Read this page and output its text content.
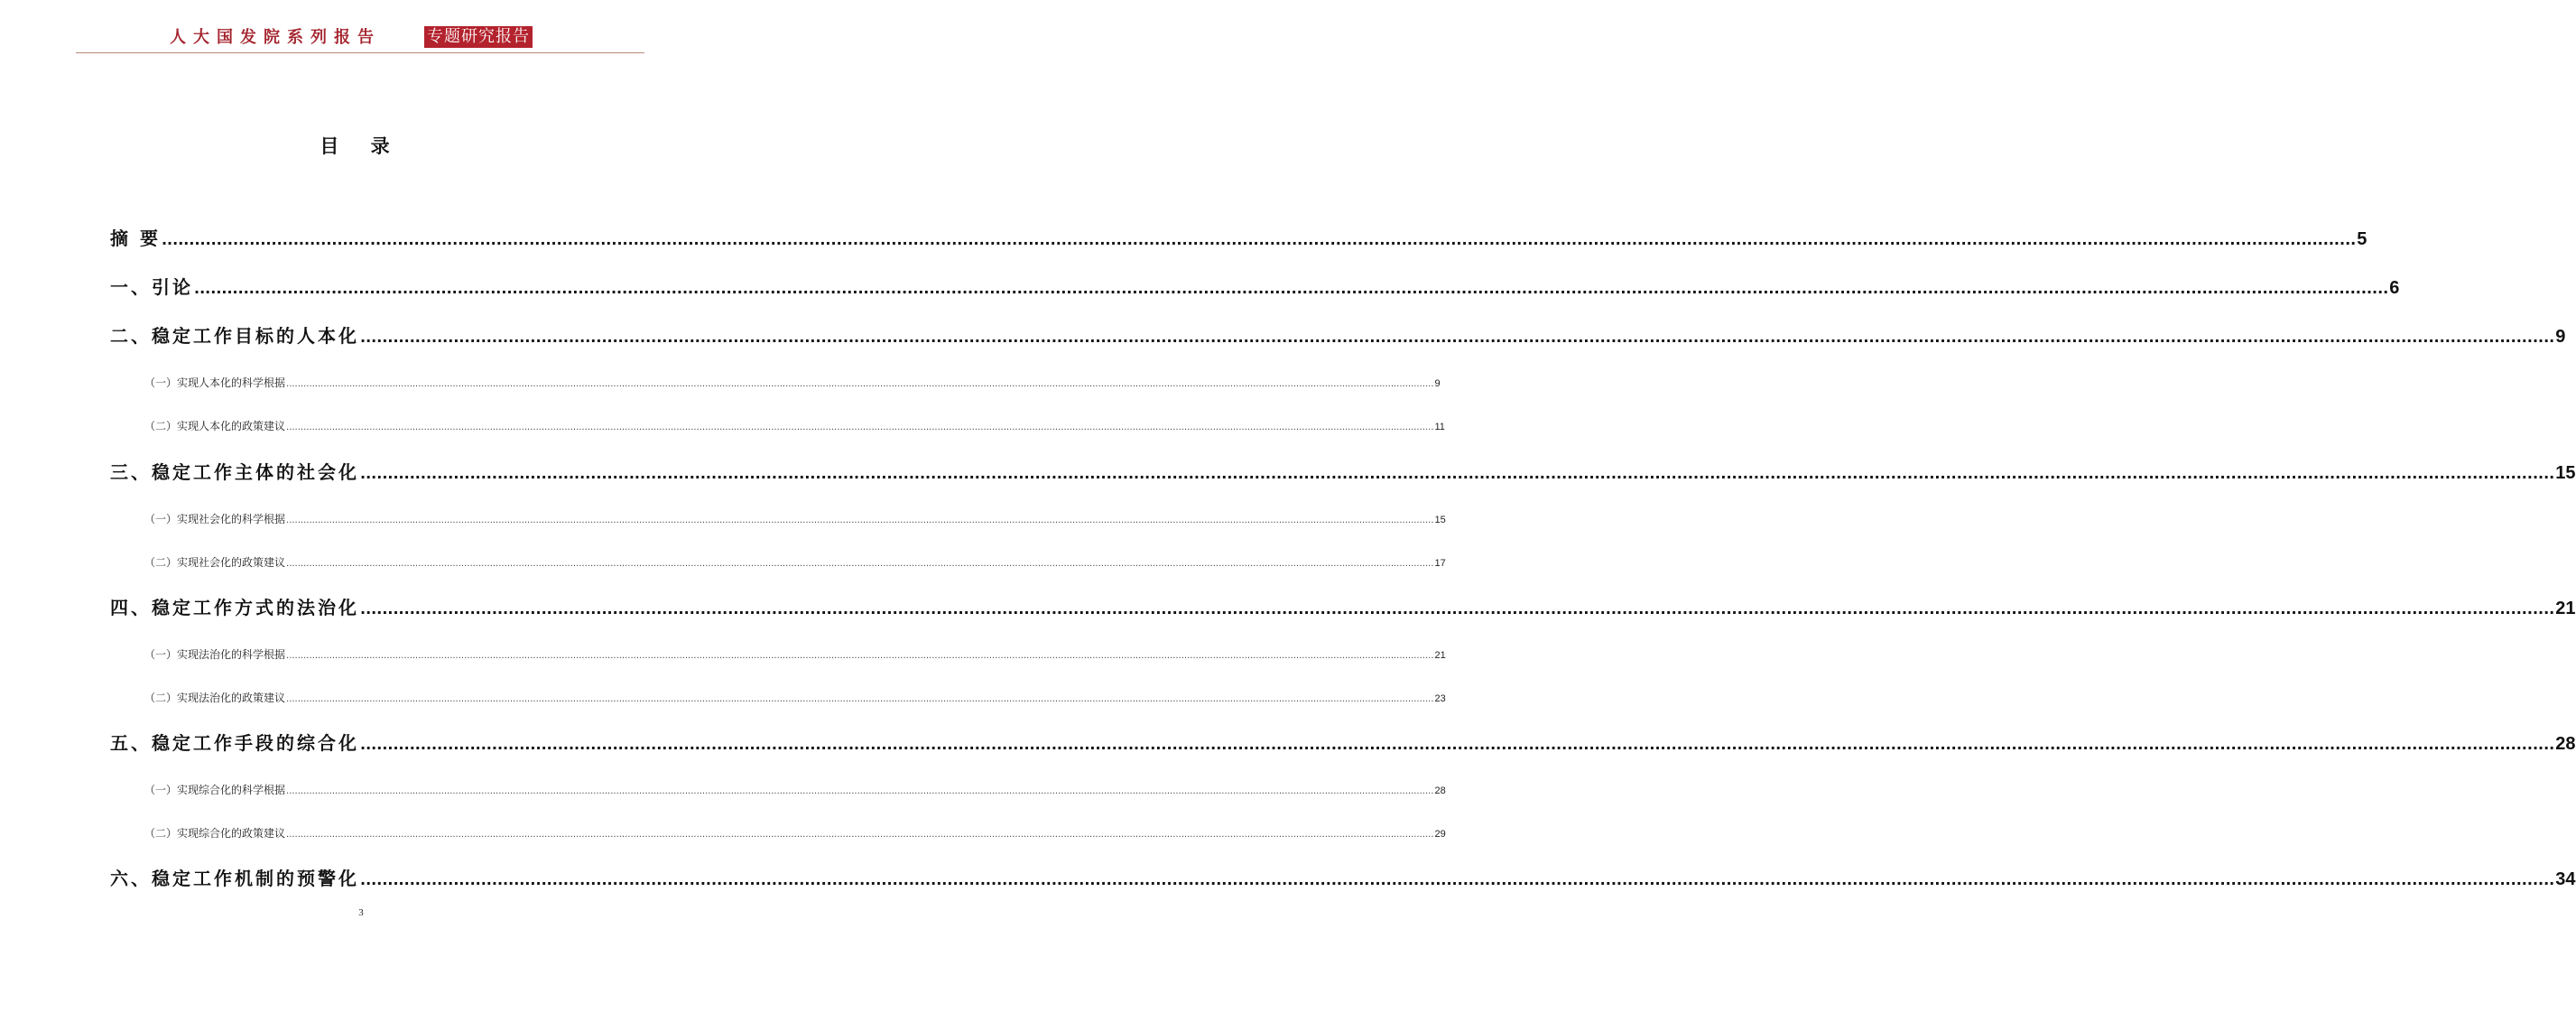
人大国发院系列报告	专题研究报告
目 录
摘 要 ................................................................................................................................................................................................................................................................................................................................................................................................................ 5
一、引论 ................................................................................................................................................................................................................................................................................................................................................................................................................ 6
二、稳定工作目标的人本化 ................................................................................................................................................................................................................................................................................................................................................................................................................ 9
（一）实现人本化的科学根据 ................................................................................................................................................................................................................................................................................................................................................................................................................ 9
（二）实现人本化的政策建议 ................................................................................................................................................................................................................................................................................................................................................................................................................ 11
三、稳定工作主体的社会化 ................................................................................................................................................................................................................................................................................................................................................................................................................ 15
（一）实现社会化的科学根据 ................................................................................................................................................................................................................................................................................................................................................................................................................ 15
（二）实现社会化的政策建议 ................................................................................................................................................................................................................................................................................................................................................................................................................ 17
四、稳定工作方式的法治化 ................................................................................................................................................................................................................................................................................................................................................................................................................ 21
（一）实现法治化的科学根据 ................................................................................................................................................................................................................................................................................................................................................................................................................ 21
（二）实现法治化的政策建议 ................................................................................................................................................................................................................................................................................................................................................................................................................ 23
五、稳定工作手段的综合化 ................................................................................................................................................................................................................................................................................................................................................................................................................ 28
（一）实现综合化的科学根据 ................................................................................................................................................................................................................................................................................................................................................................................................................ 28
（二）实现综合化的政策建议 ................................................................................................................................................................................................................................................................................................................................................................................................................ 29
六、稳定工作机制的预警化 ................................................................................................................................................................................................................................................................................................................................................................................................................ 34
3
